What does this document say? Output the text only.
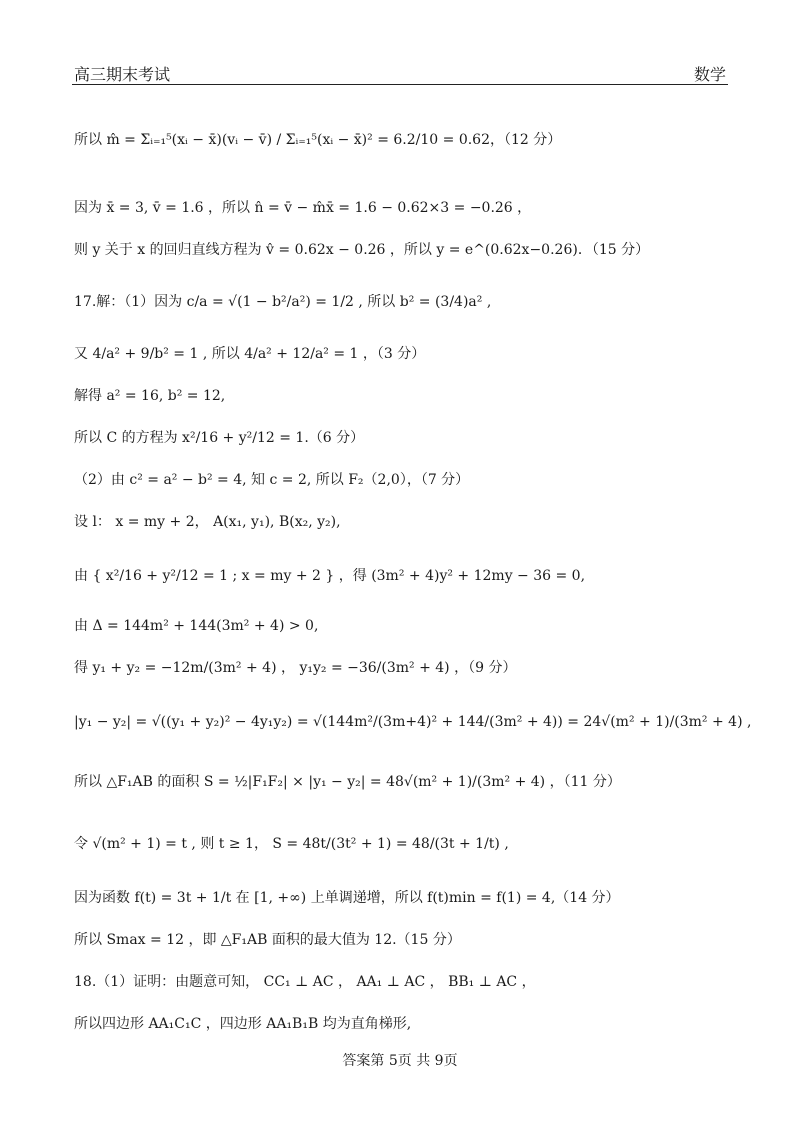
高三期末考试	数学
所以 m̂ = Σᵢ₌₁⁵(xᵢ − x̄)(vᵢ − v̄) / Σᵢ₌₁⁵(xᵢ − x̄)² = 6.2/10 = 0.62，（12 分）
因为 x̄ = 3, v̄ = 1.6 ，所以 n̂ = v̄ − m̂x̄ = 1.6 − 0.62×3 = −0.26 ，
则 y 关于 x 的回归直线方程为 v̂ = 0.62x − 0.26 ，所以 y = e^(0.62x−0.26)．（15 分）
17.解：（1）因为 c/a = √(1 − b²/a²) = 1/2 , 所以 b² = (3/4)a² ,
又 4/a² + 9/b² = 1 , 所以 4/a² + 12/a² = 1 ，（3 分）
解得 a² = 16, b² = 12,
所以 C 的方程为 x²/16 + y²/12 = 1.（6 分）
（2）由 c² = a² − b² = 4, 知 c = 2, 所以 F₂（2,0），（7 分）
设 l： x = my + 2， A(x₁, y₁), B(x₂, y₂),
由 { x²/16 + y²/12 = 1 ; x = my + 2 } ，得 (3m² + 4)y² + 12my − 36 = 0,
由 Δ = 144m² + 144(3m² + 4) > 0,
得 y₁ + y₂ = −12m/(3m² + 4) ， y₁y₂ = −36/(3m² + 4) ，（9 分）
|y₁ − y₂| = √((y₁ + y₂)² − 4y₁y₂) = √(144m²/(3m+4)² + 144/(3m² + 4)) = 24√(m² + 1)/(3m² + 4) ,
所以 △F₁AB 的面积 S = ½|F₁F₂| × |y₁ − y₂| = 48√(m² + 1)/(3m² + 4) ，（11 分）
令 √(m² + 1) = t , 则 t ≥ 1， S = 48t/(3t² + 1) = 48/(3t + 1/t) ,
因为函数 f(t) = 3t + 1/t 在 [1, +∞) 上单调递增，所以 f(t)min = f(1) = 4,（14 分）
所以 Smax = 12 ，即 △F₁AB 面积的最大值为 12.（15 分）
18.（1）证明：由题意可知， CC₁ ⊥ AC ， AA₁ ⊥ AC ， BB₁ ⊥ AC ，
所以四边形 AA₁C₁C ，四边形 AA₁B₁B 均为直角梯形,
答案第 5页 共 9页
